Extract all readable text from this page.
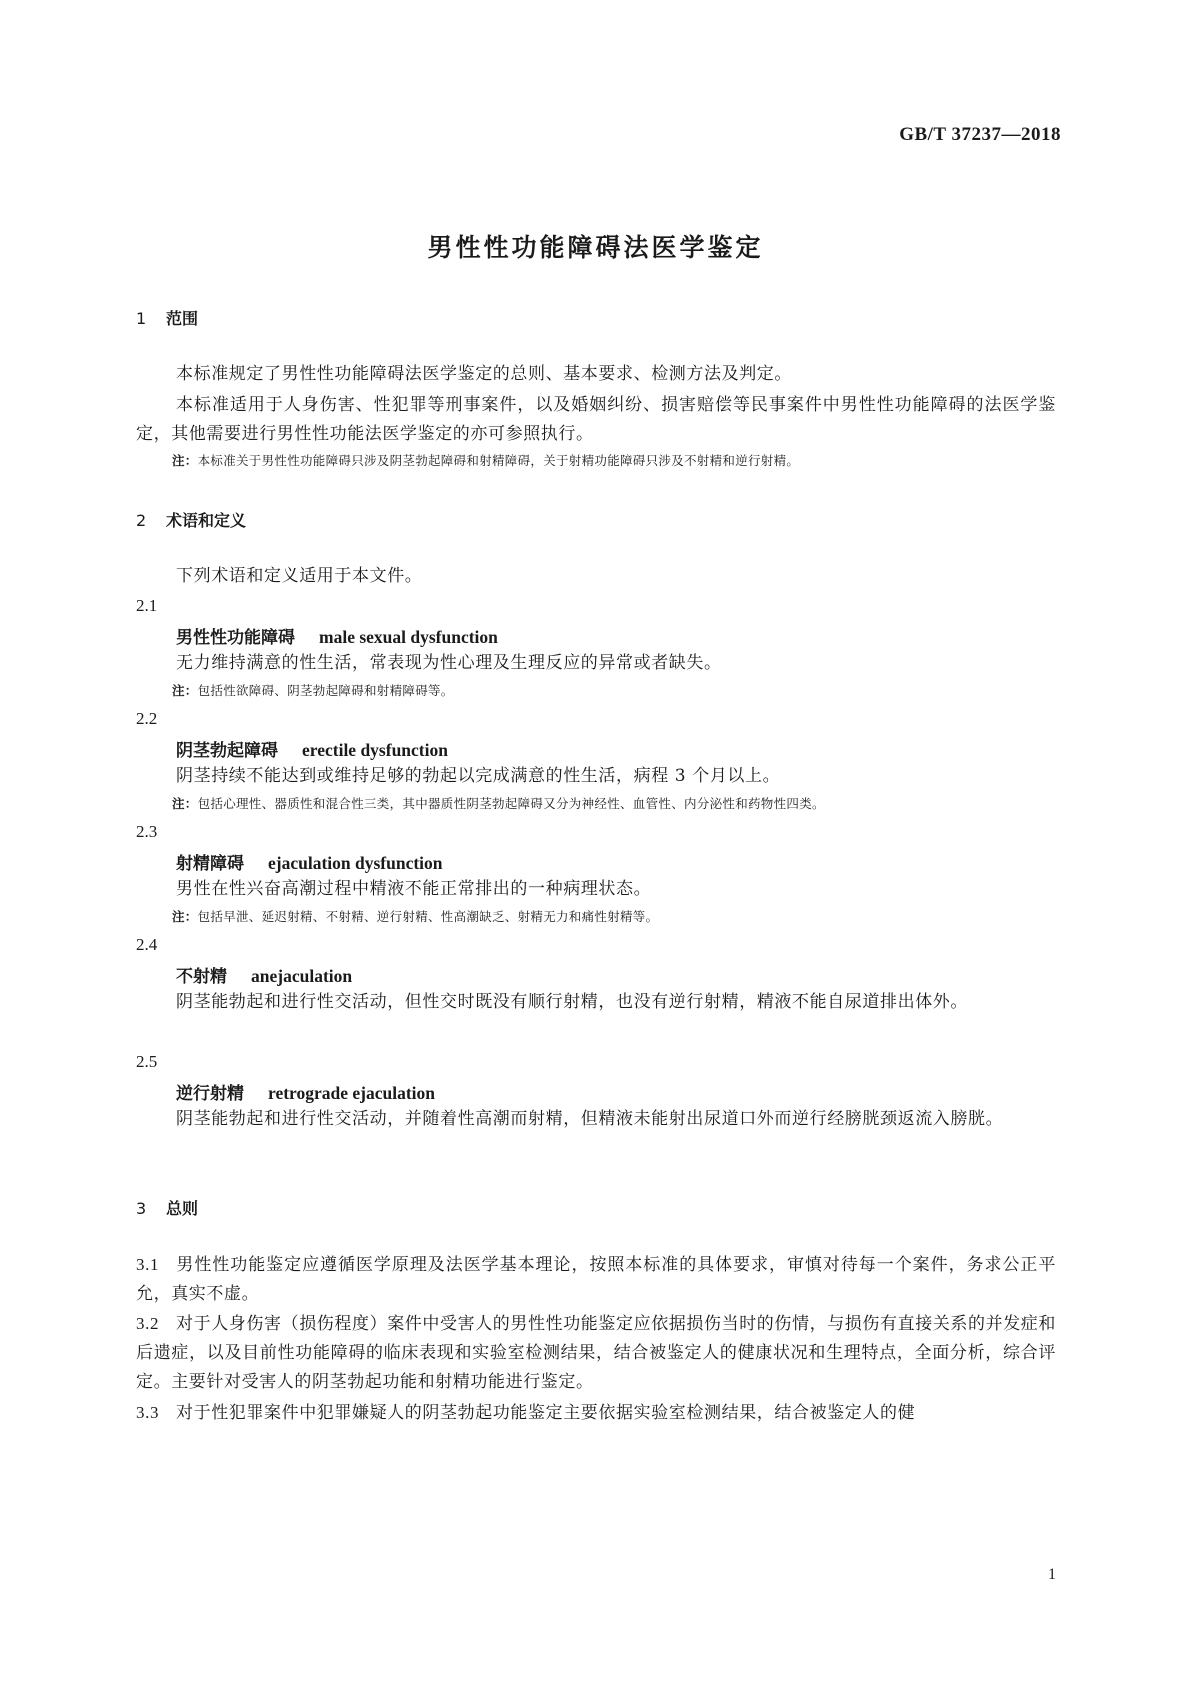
GB/T 37237—2018
男性性功能障碍法医学鉴定
1 范围
本标准规定了男性性功能障碍法医学鉴定的总则、基本要求、检测方法及判定。
本标准适用于人身伤害、性犯罪等刑事案件，以及婚姻纠纷、损害赔偿等民事案件中男性性功能障碍的法医学鉴定，其他需要进行男性性功能法医学鉴定的亦可参照执行。
注：本标准关于男性性功能障碍只涉及阴茎勃起障碍和射精障碍，关于射精功能障碍只涉及不射精和逆行射精。
2 术语和定义
下列术语和定义适用于本文件。
2.1
男性性功能障碍 male sexual dysfunction
无力维持满意的性生活，常表现为性心理及生理反应的异常或者缺失。
注：包括性欲障碍、阴茎勃起障碍和射精障碍等。
2.2
阴茎勃起障碍 erectile dysfunction
阴茎持续不能达到或维持足够的勃起以完成满意的性生活，病程 3 个月以上。
注：包括心理性、器质性和混合性三类，其中器质性阴茎勃起障碍又分为神经性、血管性、内分泌性和药物性四类。
2.3
射精障碍 ejaculation dysfunction
男性在性兴奋高潮过程中精液不能正常排出的一种病理状态。
注：包括早泄、延迟射精、不射精、逆行射精、性高潮缺乏、射精无力和痛性射精等。
2.4
不射精 anejaculation
阴茎能勃起和进行性交活动，但性交时既没有顺行射精，也没有逆行射精，精液不能自尿道排出体外。
2.5
逆行射精 retrograde ejaculation
阴茎能勃起和进行性交活动，并随着性高潮而射精，但精液未能射出尿道口外而逆行经膀胱颈返流入膀胱。
3 总则
3.1 男性性功能鉴定应遵循医学原理及法医学基本理论，按照本标准的具体要求，审慎对待每一个案件，务求公正平允，真实不虚。
3.2 对于人身伤害（损伤程度）案件中受害人的男性性功能鉴定应依据损伤当时的伤情，与损伤有直接关系的并发症和后遗症，以及目前性功能障碍的临床表现和实验室检测结果，结合被鉴定人的健康状况和生理特点，全面分析，综合评定。主要针对受害人的阴茎勃起功能和射精功能进行鉴定。
3.3 对于性犯罪案件中犯罪嫌疑人的阴茎勃起功能鉴定主要依据实验室检测结果，结合被鉴定人的健
1
